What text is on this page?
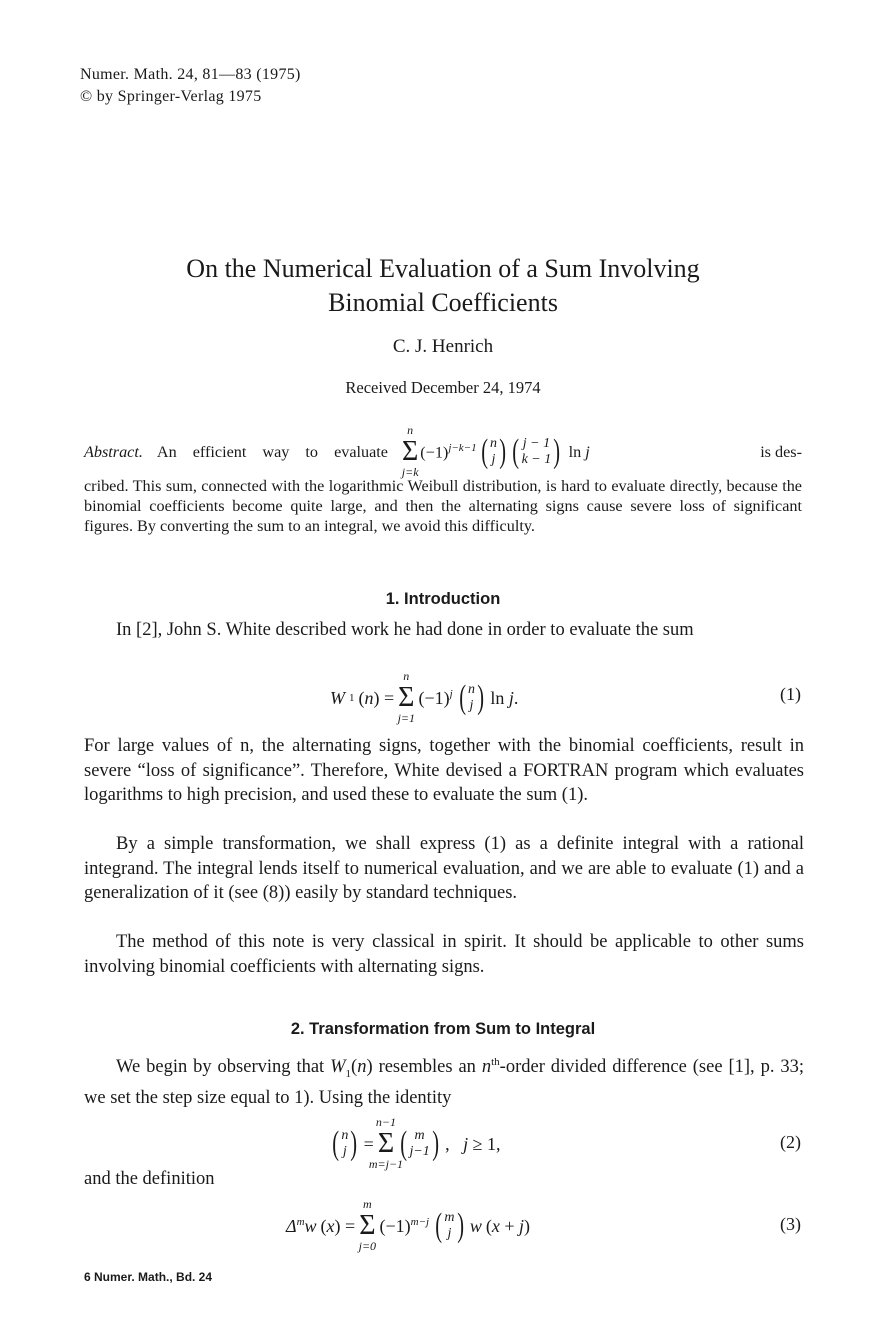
Numer. Math. 24, 81—83 (1975)
© by Springer-Verlag 1975
On the Numerical Evaluation of a Sum Involving
Binomial Coefficients
C. J. Henrich
Received December 24, 1974
Abstract. An efficient way to evaluate Σ
n
j=k
$(-1)^{j-k-1}$ ( n
j ) ( j − 1
k − 1 ) ln j	is des-
cribed. This sum, connected with the logarithmic Weibull distribution, is hard to evaluate directly, because the binomial coefficients become quite large, and then the alternating signs cause severe loss of significant figures. By converting the sum to an integral, we avoid this difficulty.
1. Introduction
In [2], John S. White described work he had done in order to evaluate the sum
W 1 (n) = Σ
n
j=1
$(-1)^j$ ( n
j ) ln j.	(1)
For large values of n, the alternating signs, together with the binomial coefficients, result in severe “loss of significance”. Therefore, White devised a FORTRAN program which evaluates logarithms to high precision, and used these to evaluate the sum (1).
By a simple transformation, we shall express (1) as a definite integral with a rational integrand. The integral lends itself to numerical evaluation, and we are able to evaluate (1) and a generalization of it (see (8)) easily by standard techniques.
The method of this note is very classical in spirit. It should be applicable to other sums involving binomial coefficients with alternating signs.
2. Transformation from Sum to Integral
We begin by observing that $W_1(n)$ resembles an $n^{th}$-order divided difference (see [1], p. 33; we set the step size equal to 1). Using the identity
( n
j ) = Σ
n−1
m=j−1
( m
j−1 ) ,   j ≥ 1,	(2)
and the definition
$\Delta^mw$ (x) = Σ
m
j=0
$(-1)^{m-j}$ ( m
j ) w (x + j)	(3)
6 Numer. Math., Bd. 24
